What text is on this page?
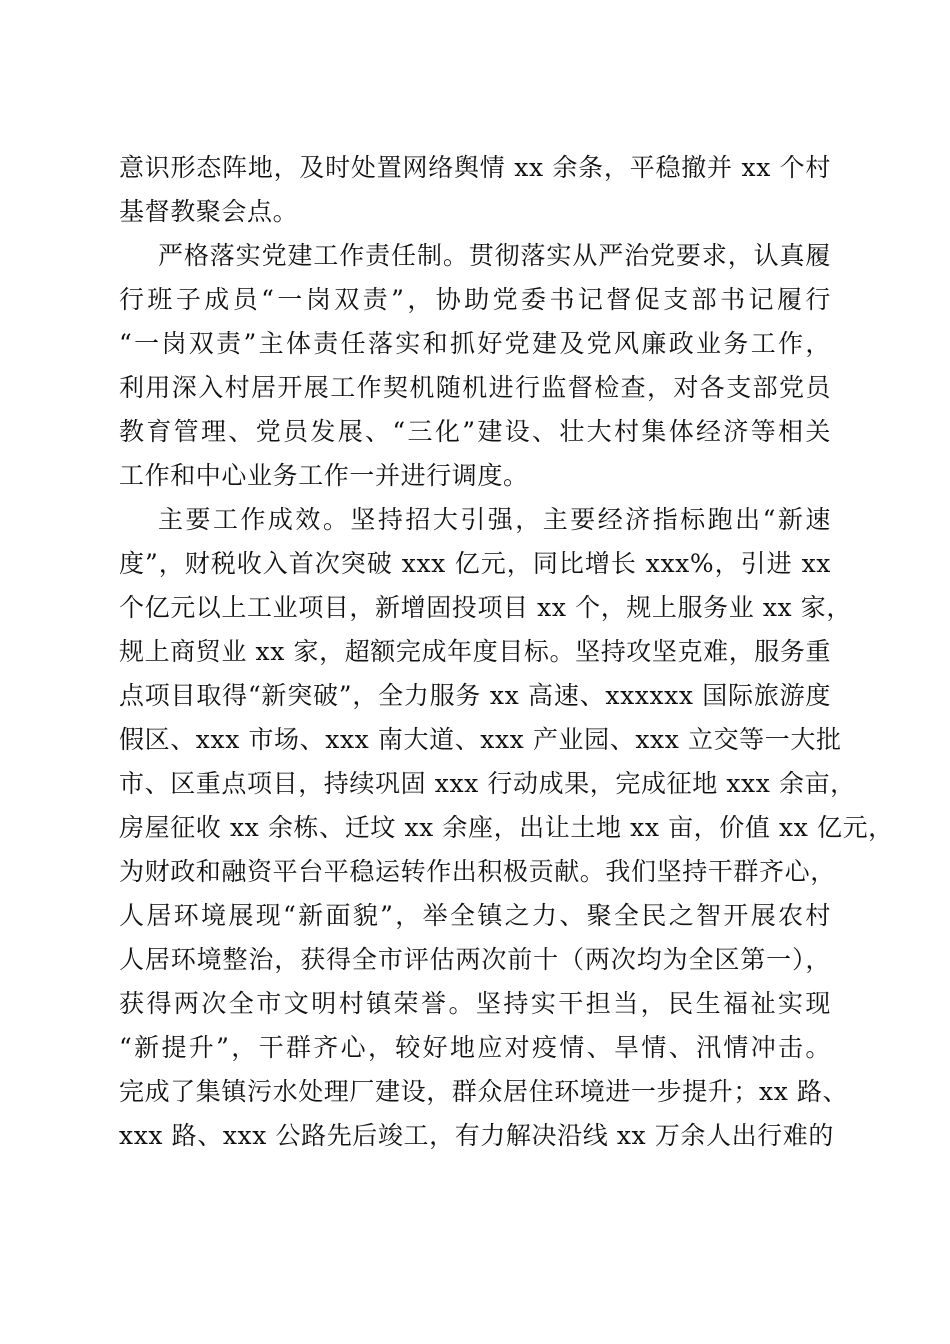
意识形态阵地，及时处置网络舆情 xx 余条，平稳撤并 xx 个村
基督教聚会点。
严格落实党建工作责任制。贯彻落实从严治党要求，认真履
行班子成员“一岗双责”，协助党委书记督促支部书记履行
“一岗双责”主体责任落实和抓好党建及党风廉政业务工作，
利用深入村居开展工作契机随机进行监督检查，对各支部党员
教育管理、党员发展、“三化”建设、壮大村集体经济等相关
工作和中心业务工作一并进行调度。
主要工作成效。坚持招大引强，主要经济指标跑出“新速
度”，财税收入首次突破 xxx 亿元，同比增长 xxx%，引进 xx
个亿元以上工业项目，新增固投项目 xx 个，规上服务业 xx 家，
规上商贸业 xx 家，超额完成年度目标。坚持攻坚克难，服务重
点项目取得“新突破”，全力服务 xx 高速、xxxxxx 国际旅游度
假区、xxx 市场、xxx 南大道、xxx 产业园、xxx 立交等一大批
市、区重点项目，持续巩固 xxx 行动成果，完成征地 xxx 余亩，
房屋征收 xx 余栋、迁坟 xx 余座，出让土地 xx 亩，价值 xx 亿元，
为财政和融资平台平稳运转作出积极贡献。我们坚持干群齐心，
人居环境展现“新面貌”，举全镇之力、聚全民之智开展农村
人居环境整治，获得全市评估两次前十（两次均为全区第一），
获得两次全市文明村镇荣誉。坚持实干担当，民生福祉实现
“新提升”，干群齐心，较好地应对疫情、旱情、汛情冲击。
完成了集镇污水处理厂建设，群众居住环境进一步提升；xx 路、
xxx 路、xxx 公路先后竣工，有力解决沿线 xx 万余人出行难的
